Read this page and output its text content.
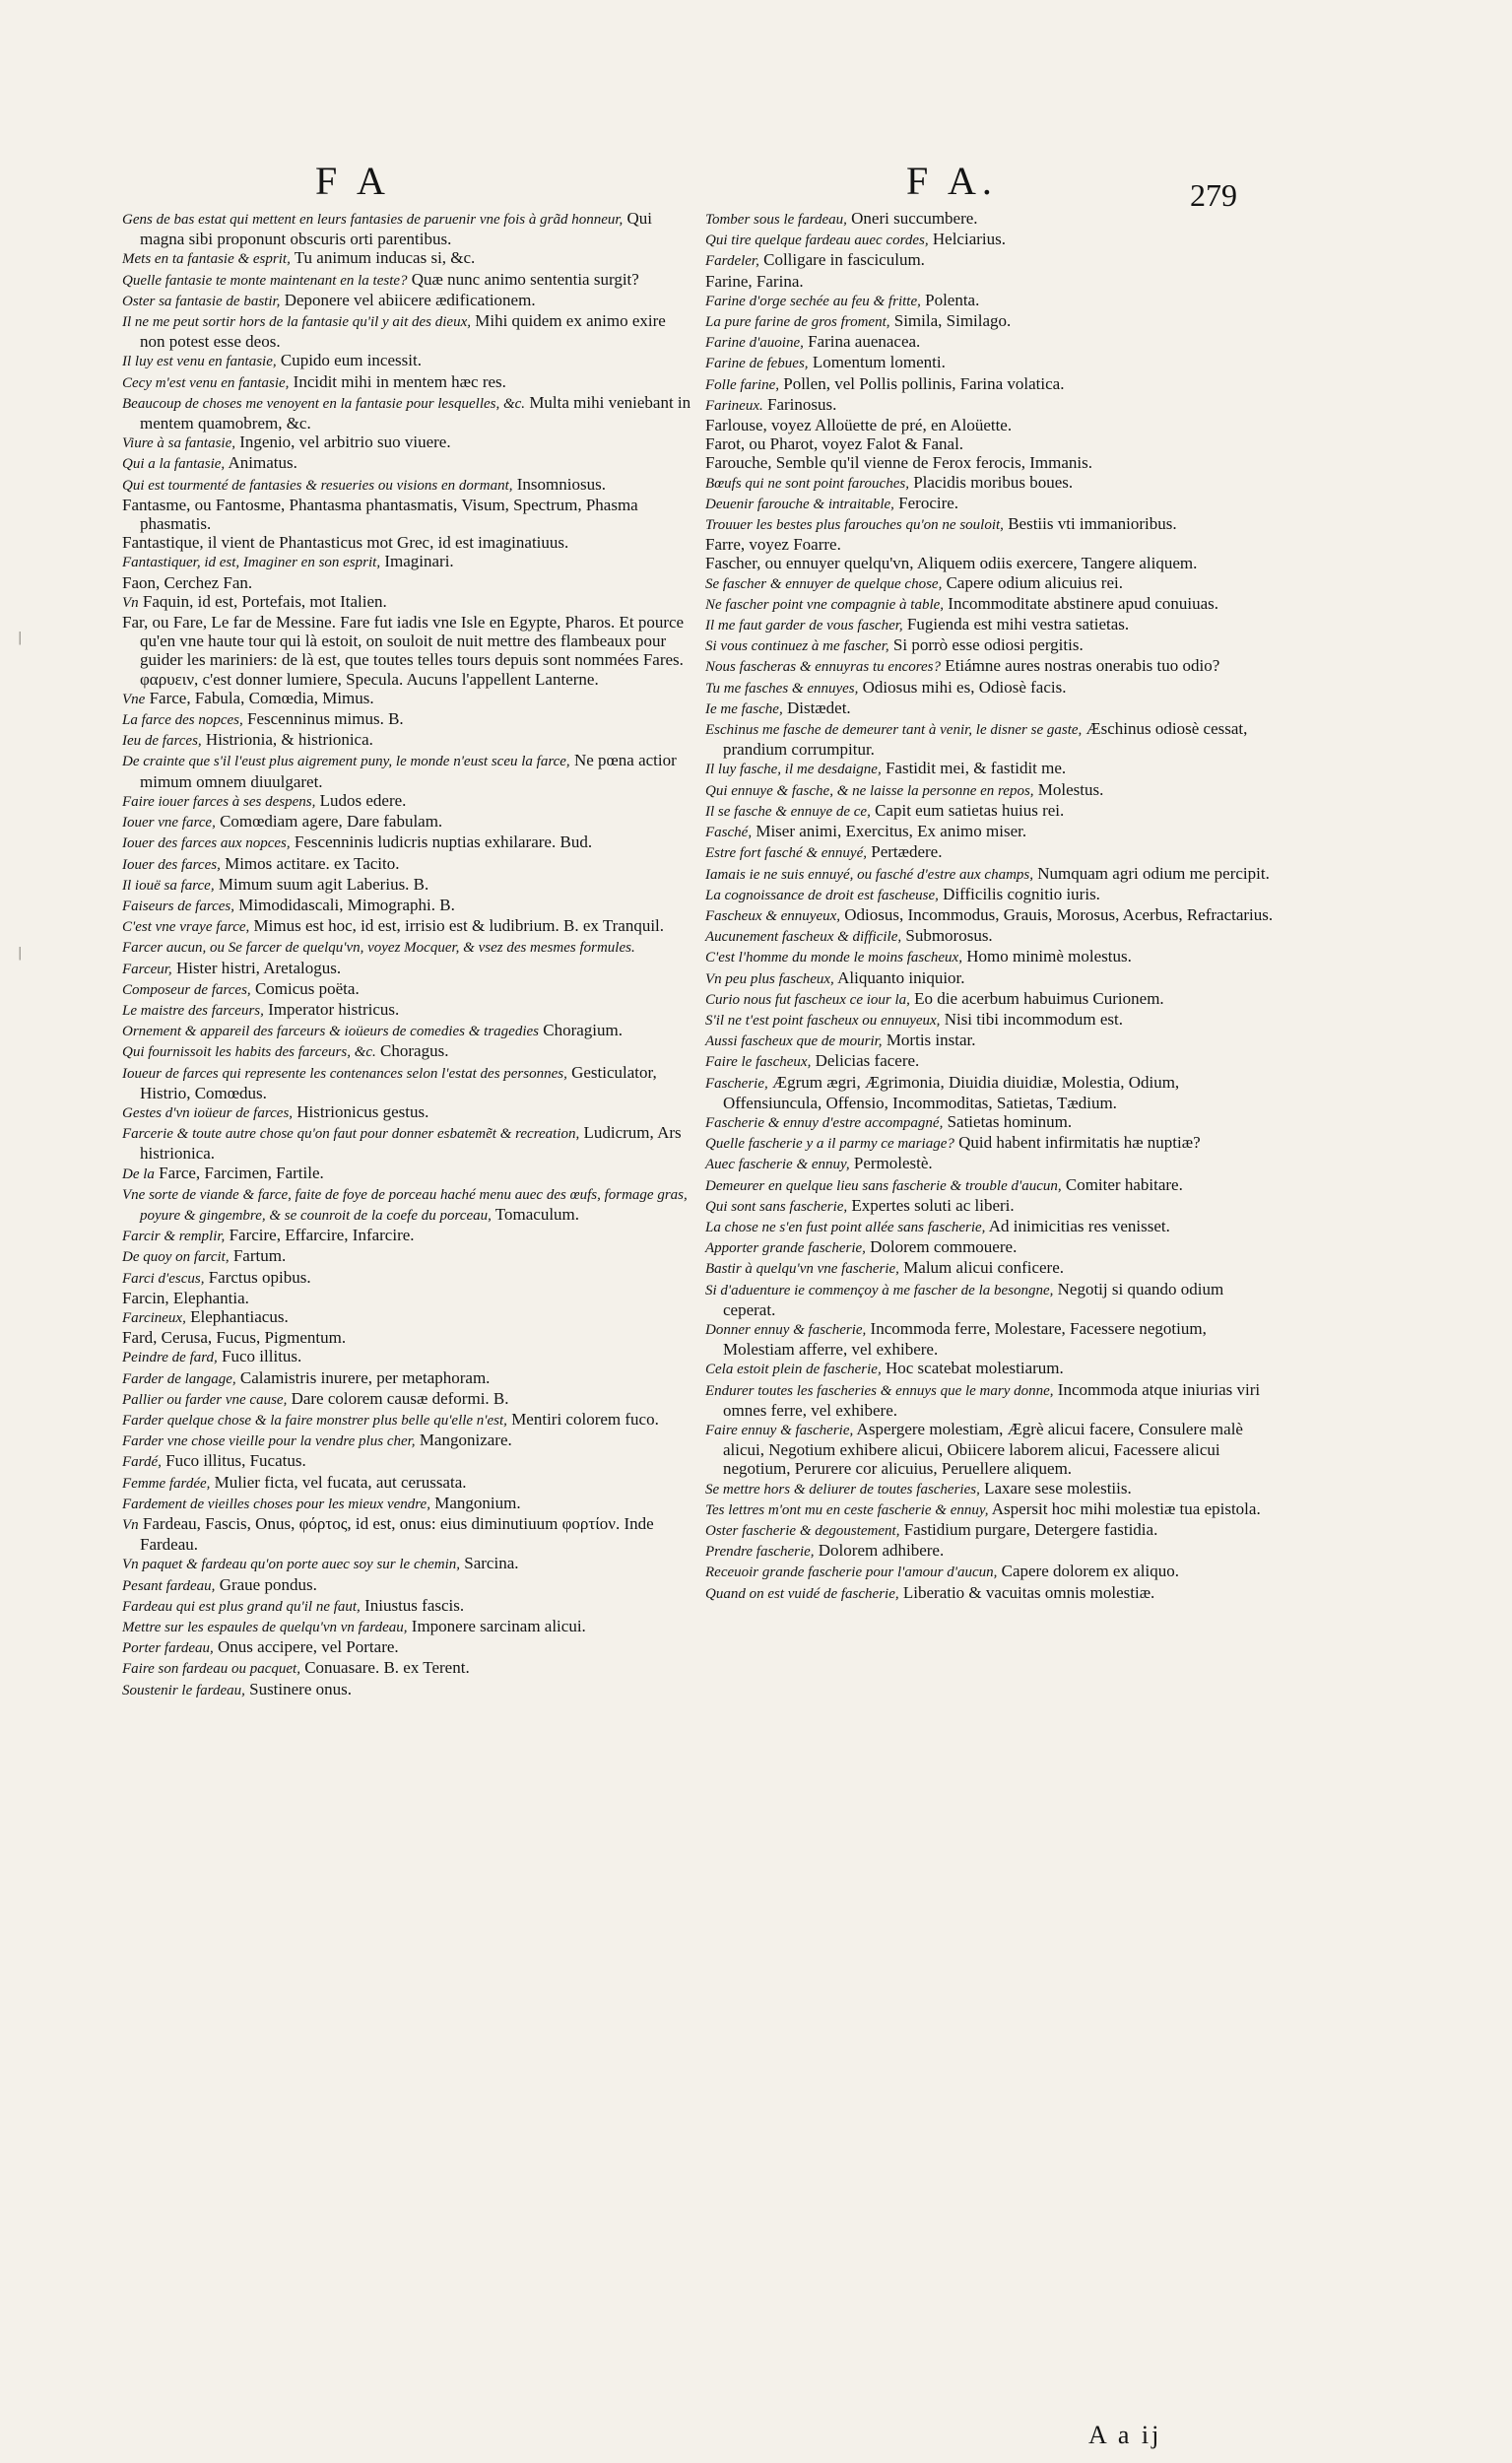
F A	F A.	279
|
|

Gens de bas estat qui mettent en leurs fantasies de paruenir vne fois à grãd honneur, Qui magna sibi proponunt obscuris orti parentibus.

Mets en ta fantasie & esprit, Tu animum inducas si, &c.

Quelle fantasie te monte maintenant en la teste? Quæ nunc animo sententia surgit?

Oster sa fantasie de bastir, Deponere vel abiicere ædificationem.

Il ne me peut sortir hors de la fantasie qu'il y ait des dieux, Mihi quidem ex animo exire non potest esse deos.

Il luy est venu en fantasie, Cupido eum incessit.

Cecy m'est venu en fantasie, Incidit mihi in mentem hæc res.

Beaucoup de choses me venoyent en la fantasie pour lesquelles, &c. Multa mihi veniebant in mentem quamobrem, &c.

Viure à sa fantasie, Ingenio, vel arbitrio suo viuere.

Qui a la fantasie, Animatus.

Qui est tourmenté de fantasies & resueries ou visions en dormant, Insomniosus.

Fantasme, ou Fantosme, Phantasma phantasmatis, Visum, Spectrum, Phasma phasmatis.

Fantastique, il vient de Phantasticus mot Grec, id est imaginatiuus.

Fantastiquer, id est, Imaginer en son esprit, Imaginari.

Faon, Cerchez Fan.

Vn Faquin, id est, Portefais, mot Italien.

Far, ou Fare, Le far de Messine. Fare fut iadis vne Isle en Egypte, Pharos. Et pource qu'en vne haute tour qui là estoit, on souloit de nuit mettre des flambeaux pour guider les mariniers: de là est, que toutes telles tours depuis sont nommées Fares. φαρυειν, c'est donner lumiere, Specula. Aucuns l'appellent Lanterne.

Vne Farce, Fabula, Comœdia, Mimus.

La farce des nopces, Fescenninus mimus. B.

Ieu de farces, Histrionia, & histrionica.

De crainte que s'il l'eust plus aigrement puny, le monde n'eust sceu la farce, Ne pœna actior mimum omnem diuulgaret.

Faire iouer farces à ses despens, Ludos edere.

Iouer vne farce, Comœdiam agere, Dare fabulam.

Iouer des farces aux nopces, Fescenninis ludicris nuptias exhilarare. Bud.

Iouer des farces, Mimos actitare. ex Tacito.

Il iouë sa farce, Mimum suum agit Laberius. B.

Faiseurs de farces, Mimodidascali, Mimographi. B.

C'est vne vraye farce, Mimus est hoc, id est, irrisio est & ludibrium. B. ex Tranquil.

Farcer aucun, ou Se farcer de quelqu'vn, voyez Mocquer, & vsez des mesmes formules.

Farceur, Hister histri, Aretalogus.

Composeur de farces, Comicus poëta.

Le maistre des farceurs, Imperator histricus.

Ornement & appareil des farceurs & ioüeurs de comedies & tragedies Choragium.

Qui fournissoit les habits des farceurs, &c. Choragus.

Ioueur de farces qui represente les contenances selon l'estat des personnes, Gesticulator, Histrio, Comœdus.

Gestes d'vn ioüeur de farces, Histrionicus gestus.

Farcerie & toute autre chose qu'on faut pour donner esbatemẽt & recreation, Ludicrum, Ars histrionica.

De la Farce, Farcimen, Fartile.

Vne sorte de viande & farce, faite de foye de porceau haché menu auec des œufs, formage gras, poyure & gingembre, & se counroit de la coefe du porceau, Tomaculum.

Farcir & remplir, Farcire, Effarcire, Infarcire.

De quoy on farcit, Fartum.

Farci d'escus, Farctus opibus.

Farcin, Elephantia.

Farcineux, Elephantiacus.

Fard, Cerusa, Fucus, Pigmentum.

Peindre de fard, Fuco illitus.

Farder de langage, Calamistris inurere, per metaphoram.

Pallier ou farder vne cause, Dare colorem causæ deformi. B.

Farder quelque chose & la faire monstrer plus belle qu'elle n'est, Mentiri colorem fuco.

Farder vne chose vieille pour la vendre plus cher, Mangonizare.

Fardé, Fuco illitus, Fucatus.

Femme fardée, Mulier ficta, vel fucata, aut cerussata.

Fardement de vieilles choses pour les mieux vendre, Mangonium.

Vn Fardeau, Fascis, Onus, φόρτος, id est, onus: eius diminutiuum φορτίον. Inde Fardeau.

Vn paquet & fardeau qu'on porte auec soy sur le chemin, Sarcina.

Pesant fardeau, Graue pondus.

Fardeau qui est plus grand qu'il ne faut, Iniustus fascis.

Mettre sur les espaules de quelqu'vn vn fardeau, Imponere sarcinam alicui.

Porter fardeau, Onus accipere, vel Portare.

Faire son fardeau ou pacquet, Conuasare. B. ex Terent.

Soustenir le fardeau, Sustinere onus.

Tomber sous le fardeau, Oneri succumbere.

Qui tire quelque fardeau auec cordes, Helciarius.

Fardeler, Colligare in fasciculum.

Farine, Farina.

Farine d'orge sechée au feu & fritte, Polenta.

La pure farine de gros froment, Simila, Similago.

Farine d'auoine, Farina auenacea.

Farine de febues, Lomentum lomenti.

Folle farine, Pollen, vel Pollis pollinis, Farina volatica.

Farineux. Farinosus.

Farlouse, voyez Alloüette de pré, en Aloüette.

Farot, ou Pharot, voyez Falot & Fanal.

Farouche, Semble qu'il vienne de Ferox ferocis, Immanis.

Bœufs qui ne sont point farouches, Placidis moribus boues.

Deuenir farouche & intraitable, Ferocire.

Trouuer les bestes plus farouches qu'on ne souloit, Bestiis vti immanioribus.

Farre, voyez Foarre.

Fascher, ou ennuyer quelqu'vn, Aliquem odiis exercere, Tangere aliquem.

Se fascher & ennuyer de quelque chose, Capere odium alicuius rei.

Ne fascher point vne compagnie à table, Incommoditate abstinere apud conuiuas.

Il me faut garder de vous fascher, Fugienda est mihi vestra satietas.

Si vous continuez à me fascher, Si porrò esse odiosi pergitis.

Nous fascheras & ennuyras tu encores? Etiámne aures nostras onerabis tuo odio?

Tu me fasches & ennuyes, Odiosus mihi es, Odiosè facis.

Ie me fasche, Distædet.

Eschinus me fasche de demeurer tant à venir, le disner se gaste, Æschinus odiosè cessat, prandium corrumpitur.

Il luy fasche, il me desdaigne, Fastidit mei, & fastidit me.

Qui ennuye & fasche, & ne laisse la personne en repos, Molestus.

Il se fasche & ennuye de ce, Capit eum satietas huius rei.

Fasché, Miser animi, Exercitus, Ex animo miser.

Estre fort fasché & ennuyé, Pertædere.

Iamais ie ne suis ennuyé, ou fasché d'estre aux champs, Numquam agri odium me percipit.

La cognoissance de droit est fascheuse, Difficilis cognitio iuris.

Fascheux & ennuyeux, Odiosus, Incommodus, Grauis, Morosus, Acerbus, Refractarius.

Aucunement fascheux & difficile, Submorosus.

C'est l'homme du monde le moins fascheux, Homo minimè molestus.

Vn peu plus fascheux, Aliquanto iniquior.

Curio nous fut fascheux ce iour la, Eo die acerbum habuimus Curionem.

S'il ne t'est point fascheux ou ennuyeux, Nisi tibi incommodum est.

Aussi fascheux que de mourir, Mortis instar.

Faire le fascheux, Delicias facere.

Fascherie, Ægrum ægri, Ægrimonia, Diuidia diuidiæ, Molestia, Odium, Offensiuncula, Offensio, Incommoditas, Satietas, Tædium.

Fascherie & ennuy d'estre accompagné, Satietas hominum.

Quelle fascherie y a il parmy ce mariage? Quid habent infirmitatis hæ nuptiæ?

Auec fascherie & ennuy, Permolestè.

Demeurer en quelque lieu sans fascherie & trouble d'aucun, Comiter habitare.

Qui sont sans fascherie, Expertes soluti ac liberi.

La chose ne s'en fust point allée sans fascherie, Ad inimicitias res venisset.

Apporter grande fascherie, Dolorem commouere.

Bastir à quelqu'vn vne fascherie, Malum alicui conficere.

Si d'aduenture ie commençoy à me fascher de la besongne, Negotij si quando odium ceperat.

Donner ennuy & fascherie, Incommoda ferre, Molestare, Facessere negotium, Molestiam afferre, vel exhibere.

Cela estoit plein de fascherie, Hoc scatebat molestiarum.

Endurer toutes les fascheries & ennuys que le mary donne, Incommoda atque iniurias viri omnes ferre, vel exhibere.

Faire ennuy & fascherie, Aspergere molestiam, Ægrè alicui facere, Consulere malè alicui, Negotium exhibere alicui, Obiicere laborem alicui, Facessere alicui negotium, Perurere cor alicuius, Peruellere aliquem.

Se mettre hors & deliurer de toutes fascheries, Laxare sese molestiis.

Tes lettres m'ont mu en ceste fascherie & ennuy, Aspersit hoc mihi molestiæ tua epistola.

Oster fascherie & degoustement, Fastidium purgare, Detergere fastidia.

Prendre fascherie, Dolorem adhibere.

Receuoir grande fascherie pour l'amour d'aucun, Capere dolorem ex aliquo.

Quand on est vuidé de fascherie, Liberatio & vacuitas omnis molestiæ.

A a ij
